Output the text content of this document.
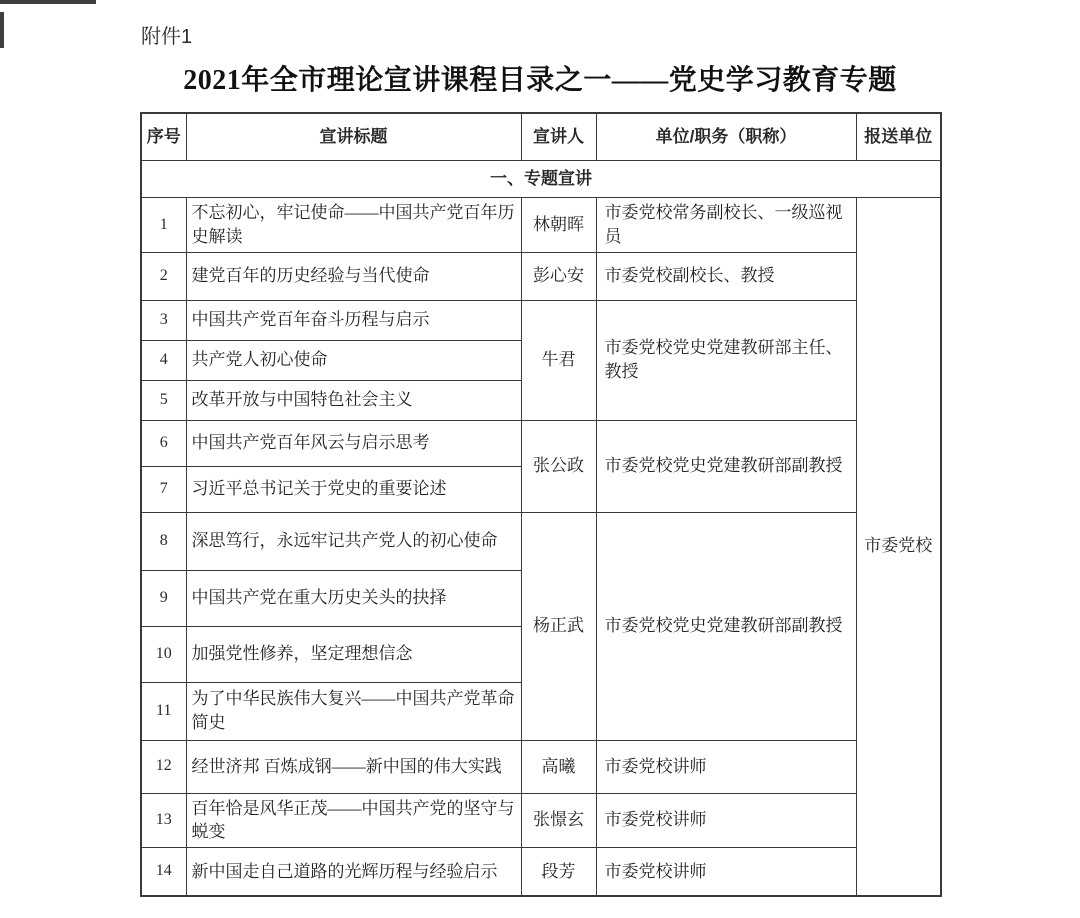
附件1
2021年全市理论宣讲课程目录之一——党史学习教育专题
序号	宣讲标题	宣讲人	单位/职务（职称）	报送单位
一、专题宣讲				
1	不忘初心，牢记使命——中国共产党百年历史解读	林朝晖	市委党校常务副校长、一级巡视员	市委党校
2	建党百年的历史经验与当代使命	彭心安	市委党校副校长、教授	
3	中国共产党百年奋斗历程与启示	牛君	市委党校党史党建教研部主任、教授	
4	共产党人初心使命			
5	改革开放与中国特色社会主义			
6	中国共产党百年风云与启示思考	张公政	市委党校党史党建教研部副教授	
7	习近平总书记关于党史的重要论述			
8	深思笃行，永远牢记共产党人的初心使命	杨正武	市委党校党史党建教研部副教授	
9	中国共产党在重大历史关头的抉择			
10	加强党性修养，坚定理想信念			
11	为了中华民族伟大复兴——中国共产党革命简史			
12	经世济邦 百炼成钢——新中国的伟大实践	高曦	市委党校讲师	
13	百年恰是风华正茂——中国共产党的坚守与蜕变	张憬玄	市委党校讲师	
14	新中国走自己道路的光辉历程与经验启示	段芳	市委党校讲师	
